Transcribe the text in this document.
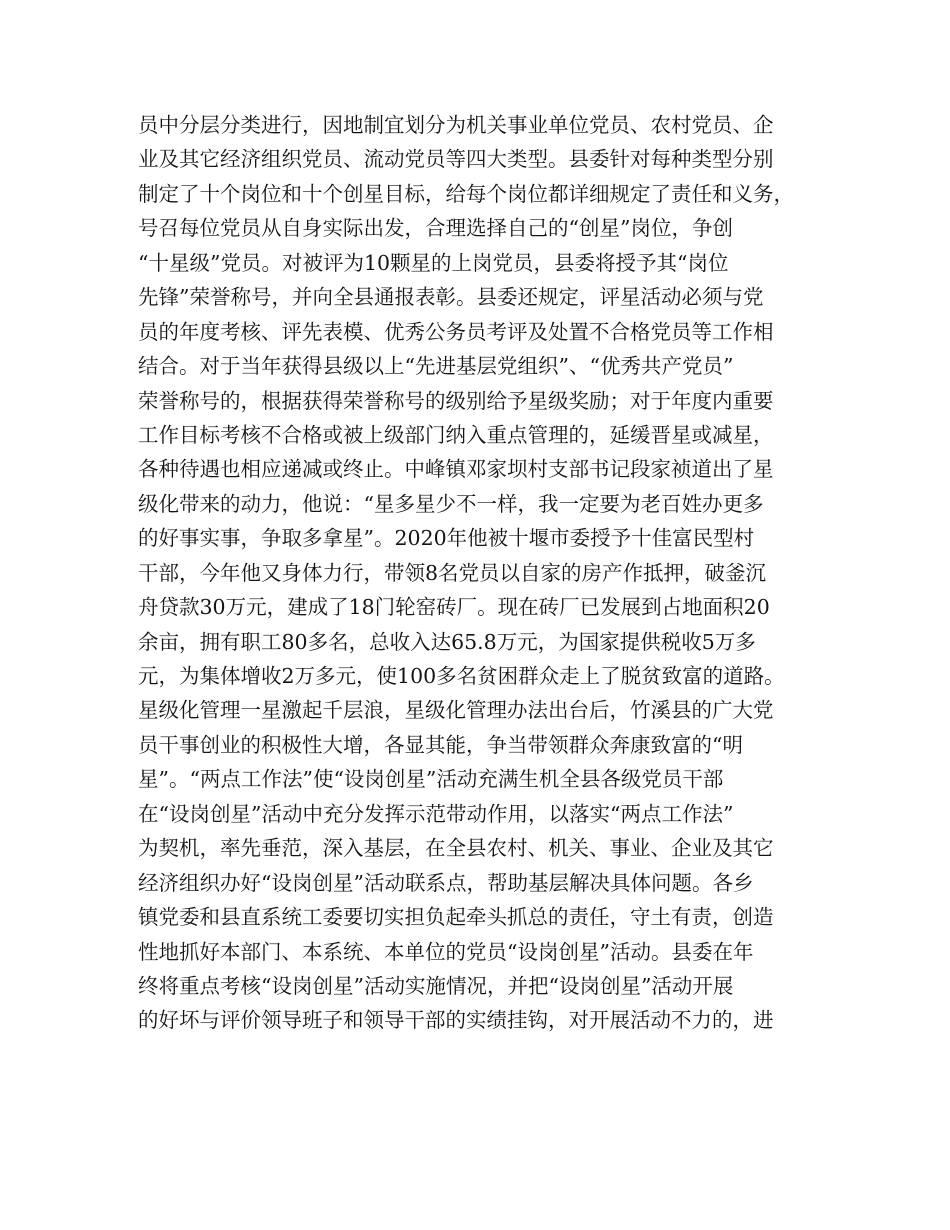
员中分层分类进行，因地制宜划分为机关事业单位党员、农村党员、企
业及其它经济组织党员、流动党员等四大类型。县委针对每种类型分别
制定了十个岗位和十个创星目标，给每个岗位都详细规定了责任和义务，
号召每位党员从自身实际出发，合理选择自己的“创星”岗位，争创
“十星级”党员。对被评为10颗星的上岗党员，县委将授予其“岗位
先锋”荣誉称号，并向全县通报表彰。县委还规定，评星活动必须与党
员的年度考核、评先表模、优秀公务员考评及处置不合格党员等工作相
结合。对于当年获得县级以上“先进基层党组织”、“优秀共产党员”
荣誉称号的，根据获得荣誉称号的级别给予星级奖励；对于年度内重要
工作目标考核不合格或被上级部门纳入重点管理的，延缓晋星或减星，
各种待遇也相应递减或终止。中峰镇邓家坝村支部书记段家祯道出了星
级化带来的动力，他说：“星多星少不一样，我一定要为老百姓办更多
的好事实事，争取多拿星”。2020年他被十堰市委授予十佳富民型村
干部，今年他又身体力行，带领8名党员以自家的房产作抵押，破釜沉
舟贷款30万元，建成了18门轮窑砖厂。现在砖厂已发展到占地面积20
余亩，拥有职工80多名，总收入达65.8万元，为国家提供税收5万多
元，为集体增收2万多元，使100多名贫困群众走上了脱贫致富的道路。
星级化管理一星激起千层浪，星级化管理办法出台后，竹溪县的广大党
员干事创业的积极性大增，各显其能，争当带领群众奔康致富的“明
星”。“两点工作法”使“设岗创星”活动充满生机全县各级党员干部
在“设岗创星”活动中充分发挥示范带动作用，以落实“两点工作法”
为契机，率先垂范，深入基层，在全县农村、机关、事业、企业及其它
经济组织办好“设岗创星”活动联系点，帮助基层解决具体问题。各乡
镇党委和县直系统工委要切实担负起牵头抓总的责任，守土有责，创造
性地抓好本部门、本系统、本单位的党员“设岗创星”活动。县委在年
终将重点考核“设岗创星”活动实施情况，并把“设岗创星”活动开展
的好坏与评价领导班子和领导干部的实绩挂钩，对开展活动不力的，进
